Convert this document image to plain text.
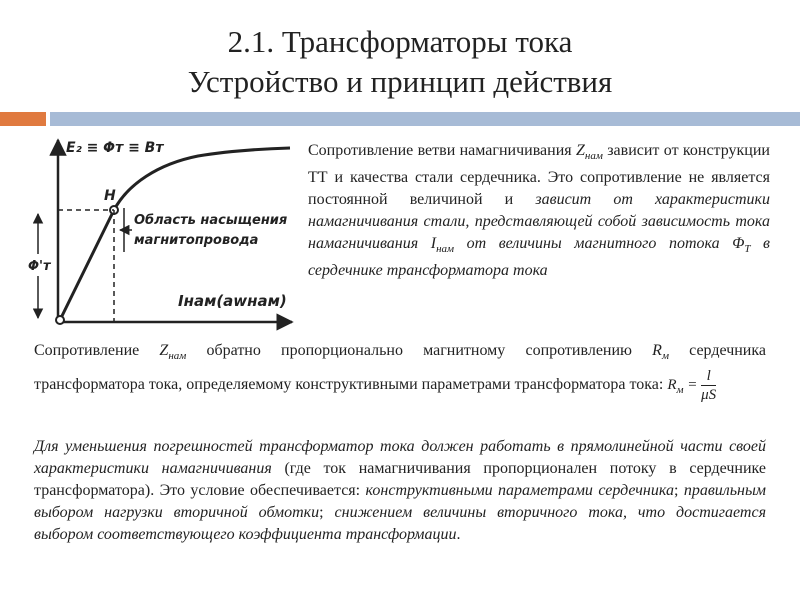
2.1. Трансформаторы тока
Устройство и принцип действия
E₂ ≡ Φт ≡ Bт
Φ'т
H
Область насыщения
магнитопровода
Iнам(awнам)
Сопротивление ветви намагничивания $Z_{нам}$ зависит от конструкции ТТ и качества стали сердечника. Это сопротивление не является постоянной величиной и зависит от характеристики намагничивания стали, представляющей собой зависимость тока намагничивания $I_{нам}$ от величины магнитного потока $\Phi_T$ в сердечнике трансформатора тока
Сопротивление $Z_{нам}$ обратно пропорционально магнитному сопротивлению $R_м$ сердечника трансформатора тока, определяемому конструктивными параметрами трансформатора тока: $R_м = \frac{l}{\mu S}$
Для уменьшения погрешностей трансформатор тока должен работать в прямолинейной части своей характеристики намагничивания (где ток намагничивания пропорционален потоку в сердечнике трансформатора). Это условие обеспечивается: конструктивными параметрами сердечника; правильным выбором нагрузки вторичной обмотки; снижением величины вторичного тока, что достигается выбором соответствующего коэффициента трансформации.
